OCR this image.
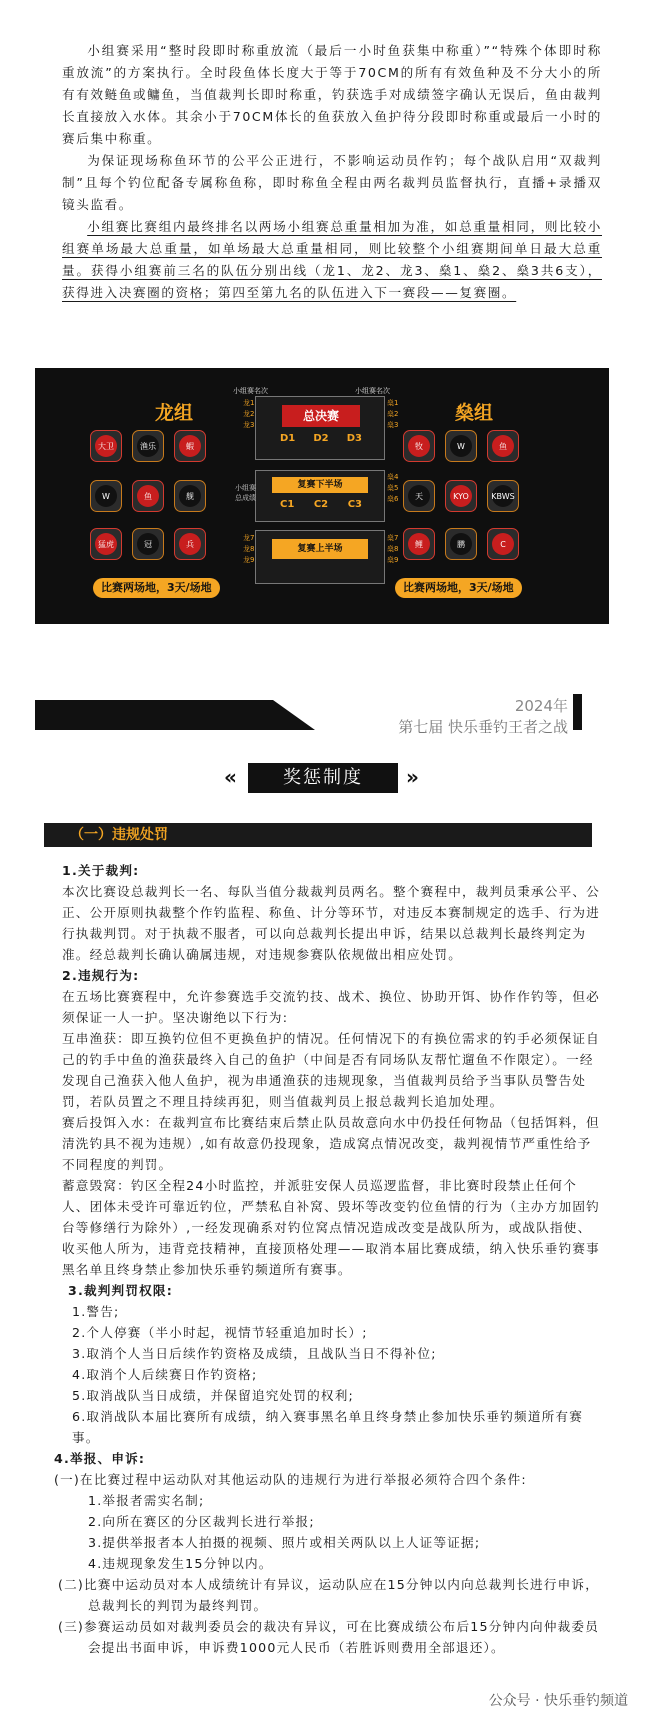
小组赛采用“整时段即时称重放流（最后一小时鱼获集中称重）”“特殊个体即时称重放流”的方案执行。全时段鱼体长度大于等于70CM的所有有效鱼种及不分大小的所有有效鲢鱼或鳙鱼，当值裁判长即时称重，钓获选手对成绩签字确认无误后，鱼由裁判长直接放入水体。其余小于70CM体长的鱼获放入鱼护待分段即时称重或最后一小时的赛后集中称重。

为保证现场称鱼环节的公平公正进行，不影响运动员作钓；每个战队启用“双裁判制”且每个钓位配备专属称鱼称，即时称鱼全程由两名裁判员监督执行，直播+录播双镜头监看。

小组赛比赛组内最终排名以两场小组赛总重量相加为准，如总重量相同，则比较小组赛单场最大总重量，如单场最大总重量相同，则比较整个小组赛期间单日最大总重量。获得小组赛前三名的队伍分别出线（龙1、龙2、龙3、燊1、燊2、燊3共6支），获得进入决赛圈的资格；第四至第九名的队伍进入下一赛段——复赛圈。

龙组	燊组
大卫	渔乐	蝦
W	鱼	舰
猛虎	冠	兵
牧	W	鱼
天	KYO	KBWS
鲤	鹏	C
比赛两场地，3天/场地	比赛两场地，3天/场地
小组赛名次	小组赛名次
总决赛
D1 D2 D3
龙1
龙2
龙3
燊1
燊2
燊3
复赛下半场
C1 C2 C3
小组赛
总成绩
燊4
燊5
燊6
复赛上半场
龙7
龙8
龙9
燊7
燊8
燊9
2024年
第七届 快乐垂钓王者之战
«	奖惩制度	»
（一）违规处罚

1.关于裁判:

本次比赛设总裁判长一名、每队当值分裁裁判员两名。整个赛程中，裁判员秉承公平、公正、公开原则执裁整个作钓监程、称鱼、计分等环节，对违反本赛制规定的选手、行为进行执裁判罚。对于执裁不服者，可以向总裁判长提出申诉，结果以总裁判长最终判定为准。经总裁判长确认确属违规，对违规参赛队依规做出相应处罚。

2.违规行为:

在五场比赛赛程中，允许参赛选手交流钓技、战术、换位、协助开饵、协作作钓等，但必须保证一人一护。坚决谢绝以下行为:

互串渔获：即互换钓位但不更换鱼护的情况。任何情况下的有换位需求的钓手必须保证自己的钓手中鱼的渔获最终入自己的鱼护（中间是否有同场队友帮忙遛鱼不作限定）。一经发现自己渔获入他人鱼护，视为串通渔获的违规现象，当值裁判员给予当事队员警告处罚，若队员置之不理且持续再犯，则当值裁判员上报总裁判长追加处理。

赛后投饵入水：在裁判宣布比赛结束后禁止队员故意向水中仍投任何物品（包括饵料，但清洗钓具不视为违规）,如有故意仍投现象，造成窝点情况改变，裁判视情节严重性给予不同程度的判罚。

蓄意毁窝：钓区全程24小时监控，并派驻安保人员巡逻监督，非比赛时段禁止任何个人、团体未受许可靠近钓位，严禁私自补窝、毁坏等改变钓位鱼情的行为（主办方加固钓台等修缮行为除外）,一经发现确系对钓位窝点情况造成改变是战队所为，或战队指使、收买他人所为，违背竞技精神，直接顶格处理——取消本届比赛成绩，纳入快乐垂钓赛事黑名单且终身禁止参加快乐垂钓频道所有赛事。

3.裁判判罚权限:

1.警告;

2.个人停赛（半小时起，视情节轻重追加时长）;

3.取消个人当日后续作钓资格及成绩，且战队当日不得补位;

4.取消个人后续赛日作钓资格;

5.取消战队当日成绩，并保留追究处罚的权利;

6.取消战队本届比赛所有成绩，纳入赛事黑名单且终身禁止参加快乐垂钓频道所有赛事。

4.举报、申诉:

(一)在比赛过程中运动队对其他运动队的违规行为进行举报必须符合四个条件:

1.举报者需实名制;

2.向所在赛区的分区裁判长进行举报;

3.提供举报者本人拍摄的视频、照片或相关两队以上人证等证据;

4.违规现象发生15分钟以内。

(二)比赛中运动员对本人成绩统计有异议，运动队应在15分钟以内向总裁判长进行申诉，

总裁判长的判罚为最终判罚。

(三)参赛运动员如对裁判委员会的裁决有异议，可在比赛成绩公布后15分钟内向仲裁委员

会提出书面申诉，申诉费1000元人民币（若胜诉则费用全部退还）。

公众号 · 快乐垂钓频道
